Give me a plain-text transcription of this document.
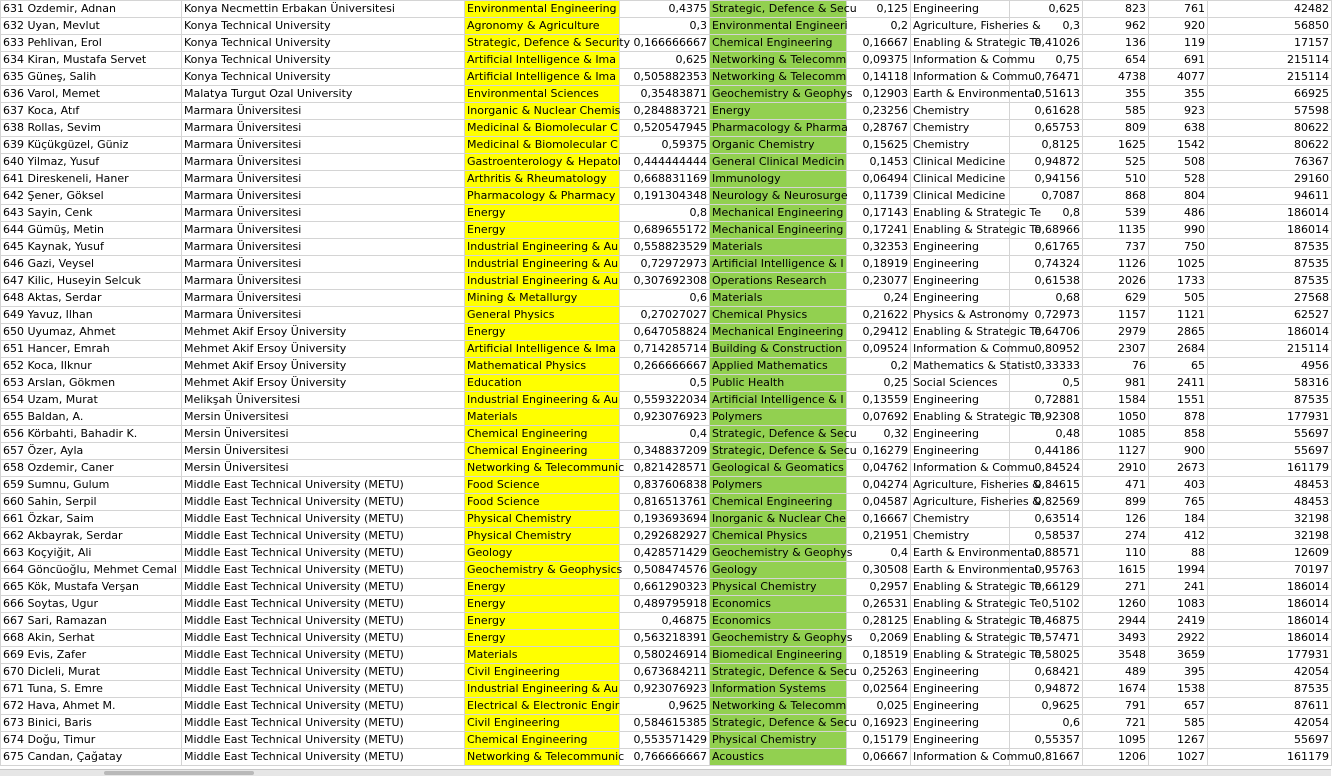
631 Ozdemir, Adnan	Konya Necmettin Erbakan Üniversitesi	Environmental Engineering	0,4375	Strategic, Defence & Secu	0,125	Engineering	0,625	823	761	42482
632 Uyan, Mevlut	Konya Technical University	Agronomy & Agriculture	0,3	Environmental Engineeri	0,2	Agriculture, Fisheries &	0,3	962	920	56850
633 Pehlivan, Erol	Konya Technical University	Strategic, Defence & Security	0,166666667	Chemical Engineering	0,16667	Enabling & Strategic Te	0,41026	136	119	17157
634 Kiran, Mustafa Servet	Konya Technical University	Artificial Intelligence & Ima	0,625	Networking & Telecomm	0,09375	Information & Commu	0,75	654	691	215114
635 Güneş, Salih	Konya Technical University	Artificial Intelligence & Ima	0,505882353	Networking & Telecomm	0,14118	Information & Commu	0,76471	4738	4077	215114
636 Varol, Memet	Malatya Turgut Ozal University	Environmental Sciences	0,35483871	Geochemistry & Geophys	0,12903	Earth & Environmental	0,51613	355	355	66925
637 Koca, Atıf	Marmara Üniversitesi	Inorganic & Nuclear Chemis	0,284883721	Energy	0,23256	Chemistry	0,61628	585	923	57598
638 Rollas, Sevim	Marmara Üniversitesi	Medicinal & Biomolecular C	0,520547945	Pharmacology & Pharma	0,28767	Chemistry	0,65753	809	638	80622
639 Küçükgüzel, Güniz	Marmara Üniversitesi	Medicinal & Biomolecular C	0,59375	Organic Chemistry	0,15625	Chemistry	0,8125	1625	1542	80622
640 Yilmaz, Yusuf	Marmara Üniversitesi	Gastroenterology & Hepatol	0,444444444	General Clinical Medicin	0,1453	Clinical Medicine	0,94872	525	508	76367
641 Direskeneli, Haner	Marmara Üniversitesi	Arthritis & Rheumatology	0,668831169	Immunology	0,06494	Clinical Medicine	0,94156	510	528	29160
642 Şener, Göksel	Marmara Üniversitesi	Pharmacology & Pharmacy	0,191304348	Neurology & Neurosurge	0,11739	Clinical Medicine	0,7087	868	804	94611
643 Sayin, Cenk	Marmara Üniversitesi	Energy	0,8	Mechanical Engineering	0,17143	Enabling & Strategic Te	0,8	539	486	186014
644 Gümüş, Metin	Marmara Üniversitesi	Energy	0,689655172	Mechanical Engineering	0,17241	Enabling & Strategic Te	0,68966	1135	990	186014
645 Kaynak, Yusuf	Marmara Üniversitesi	Industrial Engineering & Au	0,558823529	Materials	0,32353	Engineering	0,61765	737	750	87535
646 Gazi, Veysel	Marmara Üniversitesi	Industrial Engineering & Au	0,72972973	Artificial Intelligence & I	0,18919	Engineering	0,74324	1126	1025	87535
647 Kilic, Huseyin Selcuk	Marmara Üniversitesi	Industrial Engineering & Au	0,307692308	Operations Research	0,23077	Engineering	0,61538	2026	1733	87535
648 Aktas, Serdar	Marmara Üniversitesi	Mining & Metallurgy	0,6	Materials	0,24	Engineering	0,68	629	505	27568
649 Yavuz, Ilhan	Marmara Üniversitesi	General Physics	0,27027027	Chemical Physics	0,21622	Physics & Astronomy	0,72973	1157	1121	62527
650 Uyumaz, Ahmet	Mehmet Akif Ersoy Üniversity	Energy	0,647058824	Mechanical Engineering	0,29412	Enabling & Strategic Te	0,64706	2979	2865	186014
651 Hancer, Emrah	Mehmet Akif Ersoy Üniversity	Artificial Intelligence & Ima	0,714285714	Building & Construction	0,09524	Information & Commu	0,80952	2307	2684	215114
652 Koca, Ilknur	Mehmet Akif Ersoy Üniversity	Mathematical Physics	0,266666667	Applied Mathematics	0,2	Mathematics & Statist	0,33333	76	65	4956
653 Arslan, Gökmen	Mehmet Akif Ersoy Üniversity	Education	0,5	Public Health	0,25	Social Sciences	0,5	981	2411	58316
654 Uzam, Murat	Melikşah Üniversitesi	Industrial Engineering & Au	0,559322034	Artificial Intelligence & I	0,13559	Engineering	0,72881	1584	1551	87535
655 Baldan, A.	Mersin Üniversitesi	Materials	0,923076923	Polymers	0,07692	Enabling & Strategic Te	0,92308	1050	878	177931
656 Körbahti, Bahadir K.	Mersin Üniversitesi	Chemical Engineering	0,4	Strategic, Defence & Secu	0,32	Engineering	0,48	1085	858	55697
657 Özer, Ayla	Mersin Üniversitesi	Chemical Engineering	0,348837209	Strategic, Defence & Secu	0,16279	Engineering	0,44186	1127	900	55697
658 Ozdemir, Caner	Mersin Üniversitesi	Networking & Telecommunic	0,821428571	Geological & Geomatics	0,04762	Information & Commu	0,84524	2910	2673	161179
659 Sumnu, Gulum	Middle East Technical University (METU)	Food Science	0,837606838	Polymers	0,04274	Agriculture, Fisheries &	0,84615	471	403	48453
660 Sahin, Serpil	Middle East Technical University (METU)	Food Science	0,816513761	Chemical Engineering	0,04587	Agriculture, Fisheries &	0,82569	899	765	48453
661 Özkar, Saim	Middle East Technical University (METU)	Physical Chemistry	0,193693694	Inorganic & Nuclear Che	0,16667	Chemistry	0,63514	126	184	32198
662 Akbayrak, Serdar	Middle East Technical University (METU)	Physical Chemistry	0,292682927	Chemical Physics	0,21951	Chemistry	0,58537	274	412	32198
663 Koçyiğit, Ali	Middle East Technical University (METU)	Geology	0,428571429	Geochemistry & Geophys	0,4	Earth & Environmental	0,88571	110	88	12609
664 Göncüoğlu, Mehmet Cemal	Middle East Technical University (METU)	Geochemistry & Geophysics	0,508474576	Geology	0,30508	Earth & Environmental	0,95763	1615	1994	70197
665 Kök, Mustafa Verşan	Middle East Technical University (METU)	Energy	0,661290323	Physical Chemistry	0,2957	Enabling & Strategic Te	0,66129	271	241	186014
666 Soytas, Ugur	Middle East Technical University (METU)	Energy	0,489795918	Economics	0,26531	Enabling & Strategic Te	0,5102	1260	1083	186014
667 Sari, Ramazan	Middle East Technical University (METU)	Energy	0,46875	Economics	0,28125	Enabling & Strategic Te	0,46875	2944	2419	186014
668 Akin, Serhat	Middle East Technical University (METU)	Energy	0,563218391	Geochemistry & Geophys	0,2069	Enabling & Strategic Te	0,57471	3493	2922	186014
669 Evis, Zafer	Middle East Technical University (METU)	Materials	0,580246914	Biomedical Engineering	0,18519	Enabling & Strategic Te	0,58025	3548	3659	177931
670 Dicleli, Murat	Middle East Technical University (METU)	Civil Engineering	0,673684211	Strategic, Defence & Secu	0,25263	Engineering	0,68421	489	395	42054
671 Tuna, S. Emre	Middle East Technical University (METU)	Industrial Engineering & Au	0,923076923	Information Systems	0,02564	Engineering	0,94872	1674	1538	87535
672 Hava, Ahmet M.	Middle East Technical University (METU)	Electrical & Electronic Engir	0,9625	Networking & Telecomm	0,025	Engineering	0,9625	791	657	87611
673 Binici, Baris	Middle East Technical University (METU)	Civil Engineering	0,584615385	Strategic, Defence & Secu	0,16923	Engineering	0,6	721	585	42054
674 Doğu, Timur	Middle East Technical University (METU)	Chemical Engineering	0,553571429	Physical Chemistry	0,15179	Engineering	0,55357	1095	1267	55697
675 Candan, Çağatay	Middle East Technical University (METU)	Networking & Telecommunic	0,766666667	Acoustics	0,06667	Information & Commu	0,81667	1206	1027	161179
